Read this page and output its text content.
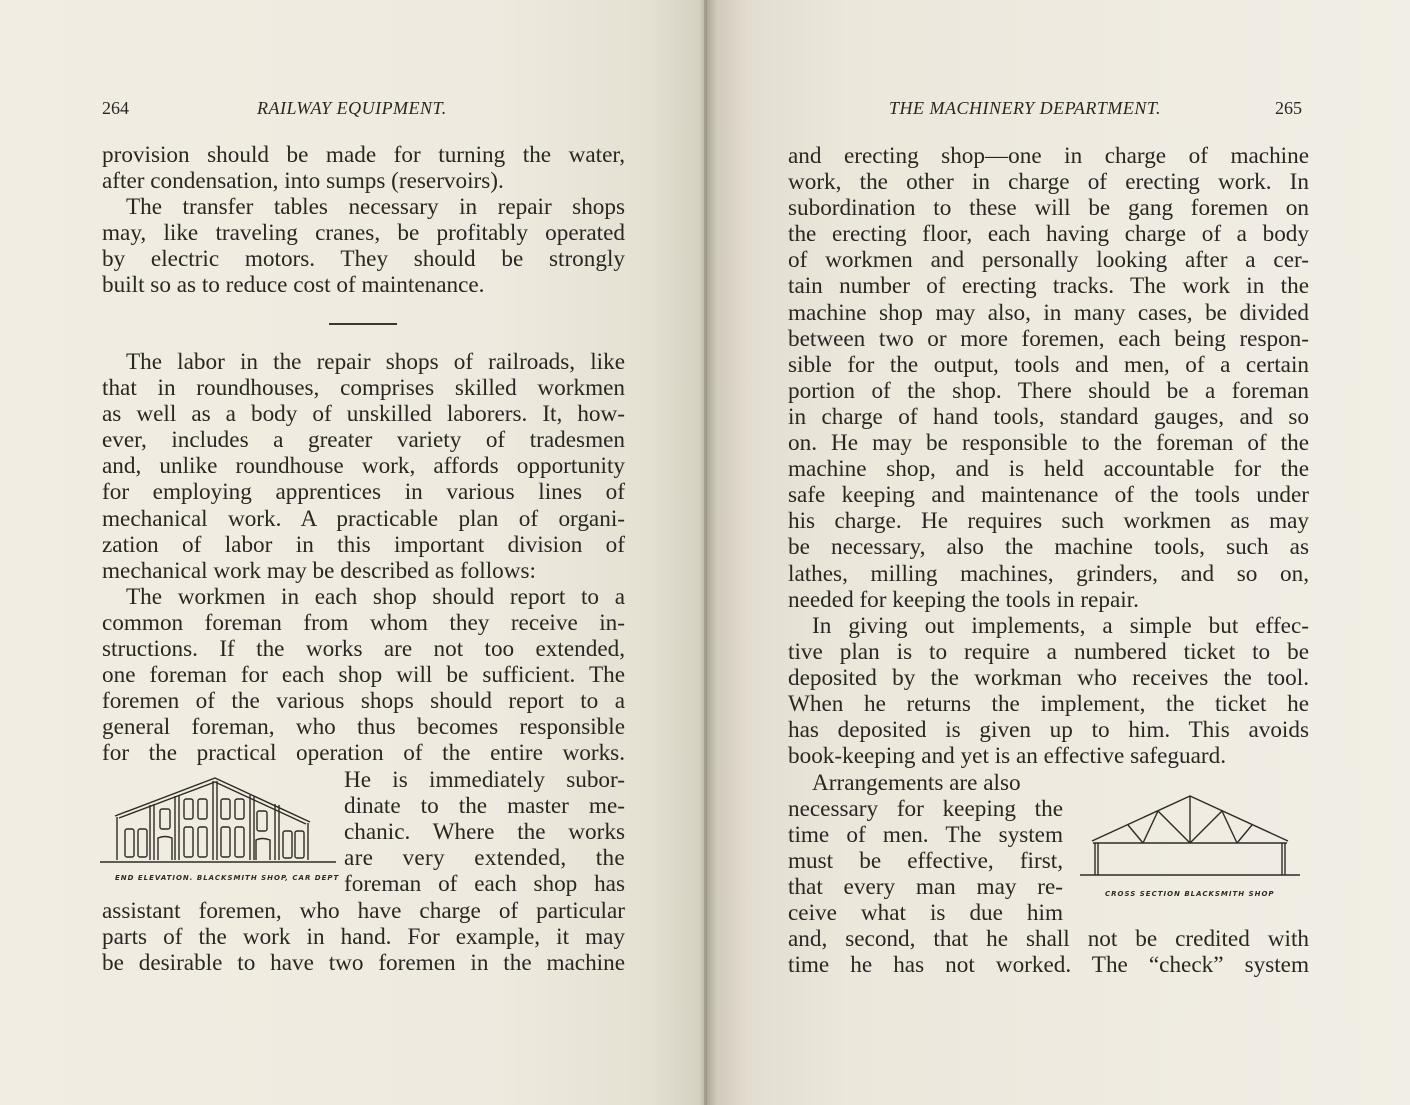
264	RAILWAY EQUIPMENT.
provision should be made for turning the water,
after condensation, into sumps (reservoirs).
The transfer tables necessary in repair shops
may, like traveling cranes, be profitably operated
by electric motors. They should be strongly
built so as to reduce cost of maintenance.
The labor in the repair shops of railroads, like
that in roundhouses, comprises skilled workmen
as well as a body of unskilled laborers. It, how-
ever, includes a greater variety of tradesmen
and, unlike roundhouse work, affords opportunity
for employing apprentices in various lines of
mechanical work. A practicable plan of organi-
zation of labor in this important division of
mechanical work may be described as follows:
The workmen in each shop should report to a
common foreman from whom they receive in-
structions. If the works are not too extended,
one foreman for each shop will be sufficient. The
foremen of the various shops should report to a
general foreman, who thus becomes responsible
for the practical operation of the entire works.
END ELEVATION. BLACKSMITH SHOP, CAR DEPT
He is immediately subor-
dinate to the master me-
chanic. Where the works
are very extended, the
foreman of each shop has
assistant foremen, who have charge of particular
parts of the work in hand. For example, it may
be desirable to have two foremen in the machine
THE MACHINERY DEPARTMENT.	265
and erecting shop—one in charge of machine
work, the other in charge of erecting work. In
subordination to these will be gang foremen on
the erecting floor, each having charge of a body
of workmen and personally looking after a cer-
tain number of erecting tracks. The work in the
machine shop may also, in many cases, be divided
between two or more foremen, each being respon-
sible for the output, tools and men, of a certain
portion of the shop. There should be a foreman
in charge of hand tools, standard gauges, and so
on. He may be responsible to the foreman of the
machine shop, and is held accountable for the
safe keeping and maintenance of the tools under
his charge. He requires such workmen as may
be necessary, also the machine tools, such as
lathes, milling machines, grinders, and so on,
needed for keeping the tools in repair.
In giving out implements, a simple but effec-
tive plan is to require a numbered ticket to be
deposited by the workman who receives the tool.
When he returns the implement, the ticket he
has deposited is given up to him. This avoids
book-keeping and yet is an effective safeguard.
Arrangements are also
necessary for keeping the
time of men. The system
must be effective, first,
that every man may re-
ceive what is due him
CROSS SECTION BLACKSMITH SHOP
and, second, that he shall not be credited with
time he has not worked. The “check” system
